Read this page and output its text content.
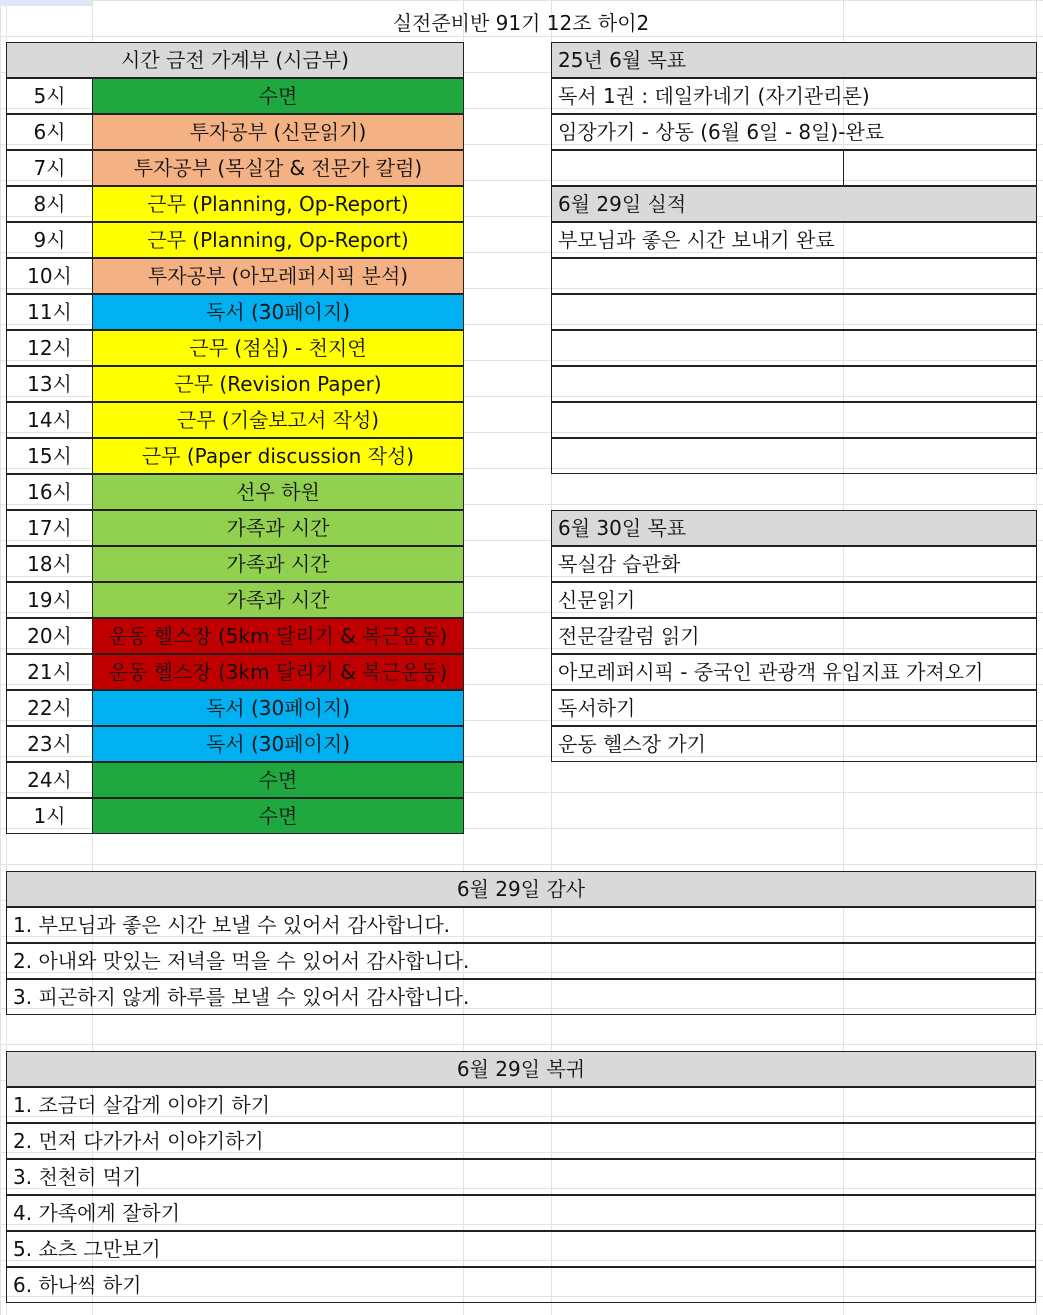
실전준비반 91기 12조 하이2
시간 금전 가계부 (시금부)
5시	수면
6시	투자공부 (신문읽기)
7시	투자공부 (목실감 & 전문가 칼럼)
8시	근무 (Planning, Op-Report)
9시	근무 (Planning, Op-Report)
10시	투자공부 (아모레퍼시픽 분석)
11시	독서 (30페이지)
12시	근무 (점심) - 천지연
13시	근무 (Revision Paper)
14시	근무 (기술보고서 작성)
15시	근무 (Paper discussion 작성)
16시	선우 하원
17시	가족과 시간
18시	가족과 시간
19시	가족과 시간
20시	운동 헬스장 (5km 달리기 & 복근운동)
21시	운동 헬스장 (3km 달리기 & 복근운동)
22시	독서 (30페이지)
23시	독서 (30페이지)
24시	수면
1시	수면
25년 6월 목표
독서 1권 : 데일카네기 (자기관리론)
임장가기 - 상동 (6월 6일 - 8일)-완료
6월 29일 실적
부모님과 좋은 시간 보내기 완료
6월 30일 목표
목실감 습관화
신문읽기
전문갈칼럼 읽기
아모레퍼시픽 - 중국인 관광객 유입지표 가져오기
독서하기
운동 헬스장 가기
6월 29일 감사
1. 부모님과 좋은 시간 보낼 수 있어서 감사합니다.
2. 아내와 맛있는 저녁을 먹을 수 있어서 감사합니다.
3. 피곤하지 않게 하루를 보낼 수 있어서 감사합니다.
6월 29일 복귀
1. 조금더 살갑게 이야기 하기
2. 먼저 다가가서 이야기하기
3. 천천히 먹기
4. 가족에게 잘하기
5. 쇼츠 그만보기
6. 하나씩 하기
